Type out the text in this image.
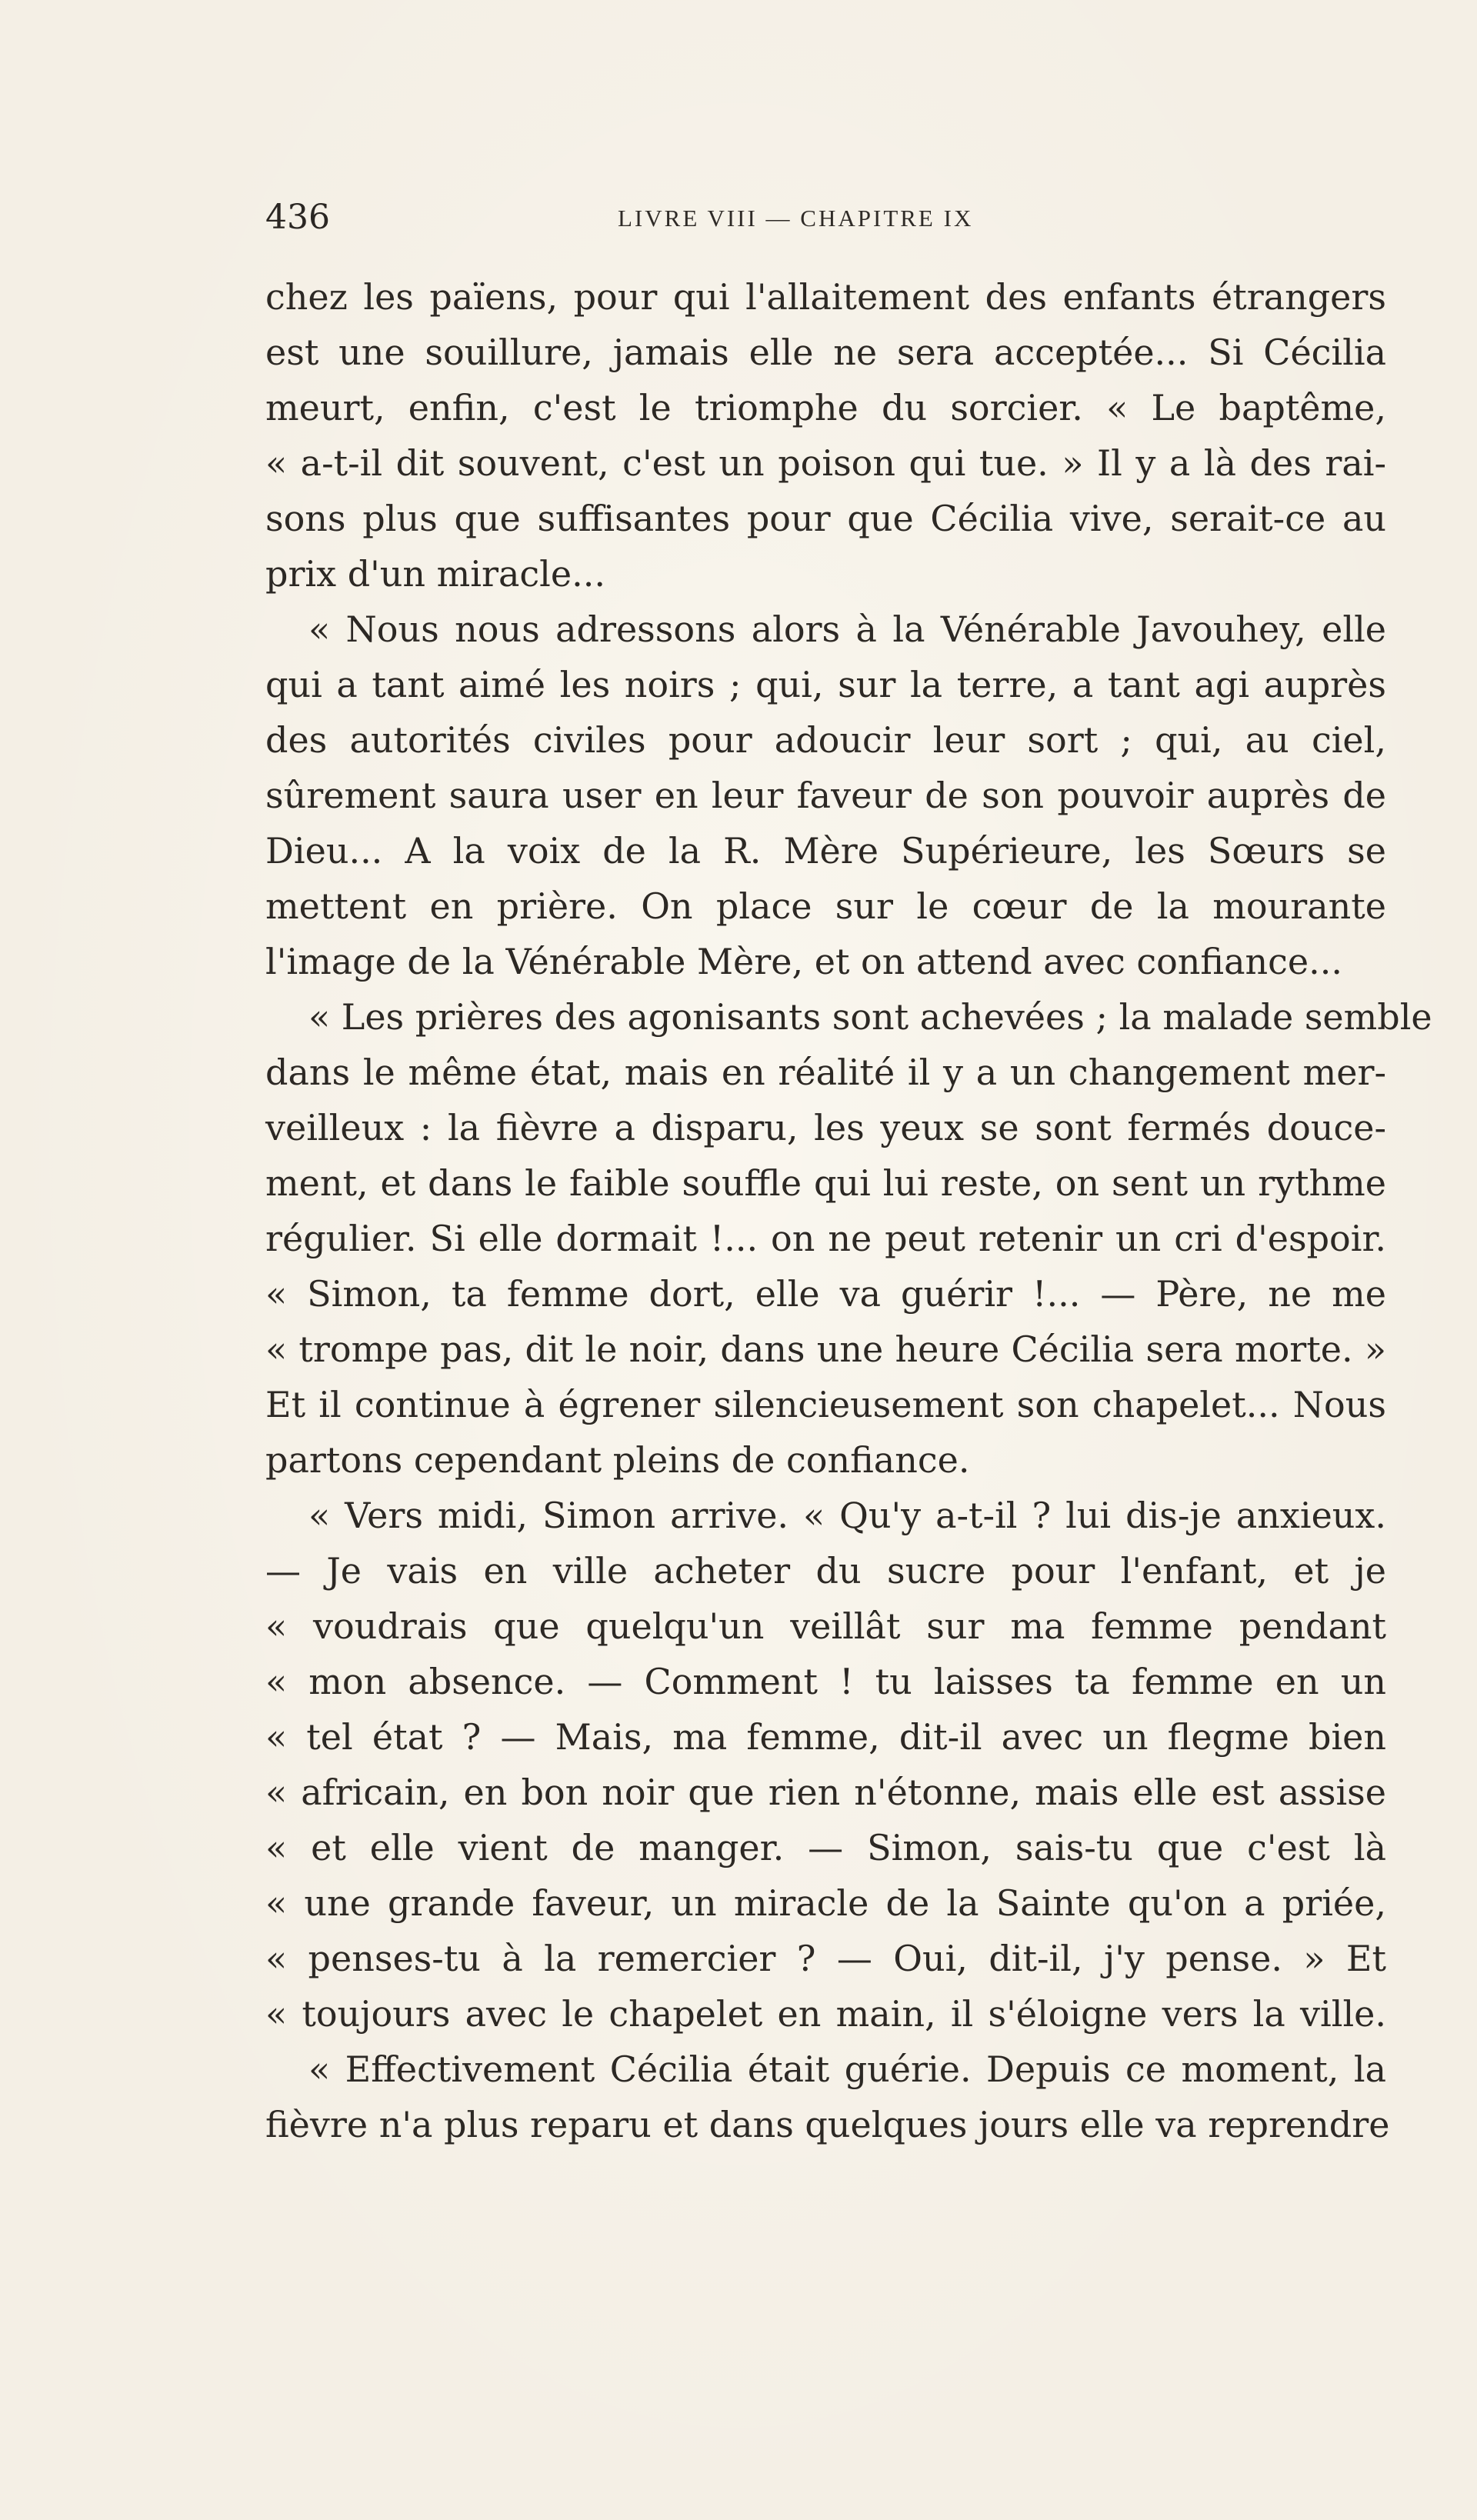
436	LIVRE VIII — CHAPITRE IX
chez les païens, pour qui l'allaitement des enfants étrangers
est une souillure, jamais elle ne sera acceptée... Si Cécilia
meurt, enfin, c'est le triomphe du sorcier. « Le baptême,
« a-t-il dit souvent, c'est un poison qui tue. » Il y a là des rai-
sons plus que suffisantes pour que Cécilia vive, serait-ce au
prix d'un miracle...
« Nous nous adressons alors à la Vénérable Javouhey, elle
qui a tant aimé les noirs ; qui, sur la terre, a tant agi auprès
des autorités civiles pour adoucir leur sort ; qui, au ciel,
sûrement saura user en leur faveur de son pouvoir auprès de
Dieu... A la voix de la R. Mère Supérieure, les Sœurs se
mettent en prière. On place sur le cœur de la mourante
l'image de la Vénérable Mère, et on attend avec confiance...
« Les prières des agonisants sont achevées ; la malade semble
dans le même état, mais en réalité il y a un changement mer-
veilleux : la fièvre a disparu, les yeux se sont fermés douce-
ment, et dans le faible souffle qui lui reste, on sent un rythme
régulier. Si elle dormait !... on ne peut retenir un cri d'espoir.
« Simon, ta femme dort, elle va guérir !... — Père, ne me
« trompe pas, dit le noir, dans une heure Cécilia sera morte. »
Et il continue à égrener silencieusement son chapelet... Nous
partons cependant pleins de confiance.
« Vers midi, Simon arrive. « Qu'y a-t-il ? lui dis-je anxieux.
— Je vais en ville acheter du sucre pour l'enfant, et je
« voudrais que quelqu'un veillât sur ma femme pendant
« mon absence. — Comment ! tu laisses ta femme en un
« tel état ? — Mais, ma femme, dit-il avec un flegme bien
« africain, en bon noir que rien n'étonne, mais elle est assise
« et elle vient de manger. — Simon, sais-tu que c'est là
« une grande faveur, un miracle de la Sainte qu'on a priée,
« penses-tu à la remercier ? — Oui, dit-il, j'y pense. » Et
« toujours avec le chapelet en main, il s'éloigne vers la ville.
« Effectivement Cécilia était guérie. Depuis ce moment, la
fièvre n'a plus reparu et dans quelques jours elle va reprendre
